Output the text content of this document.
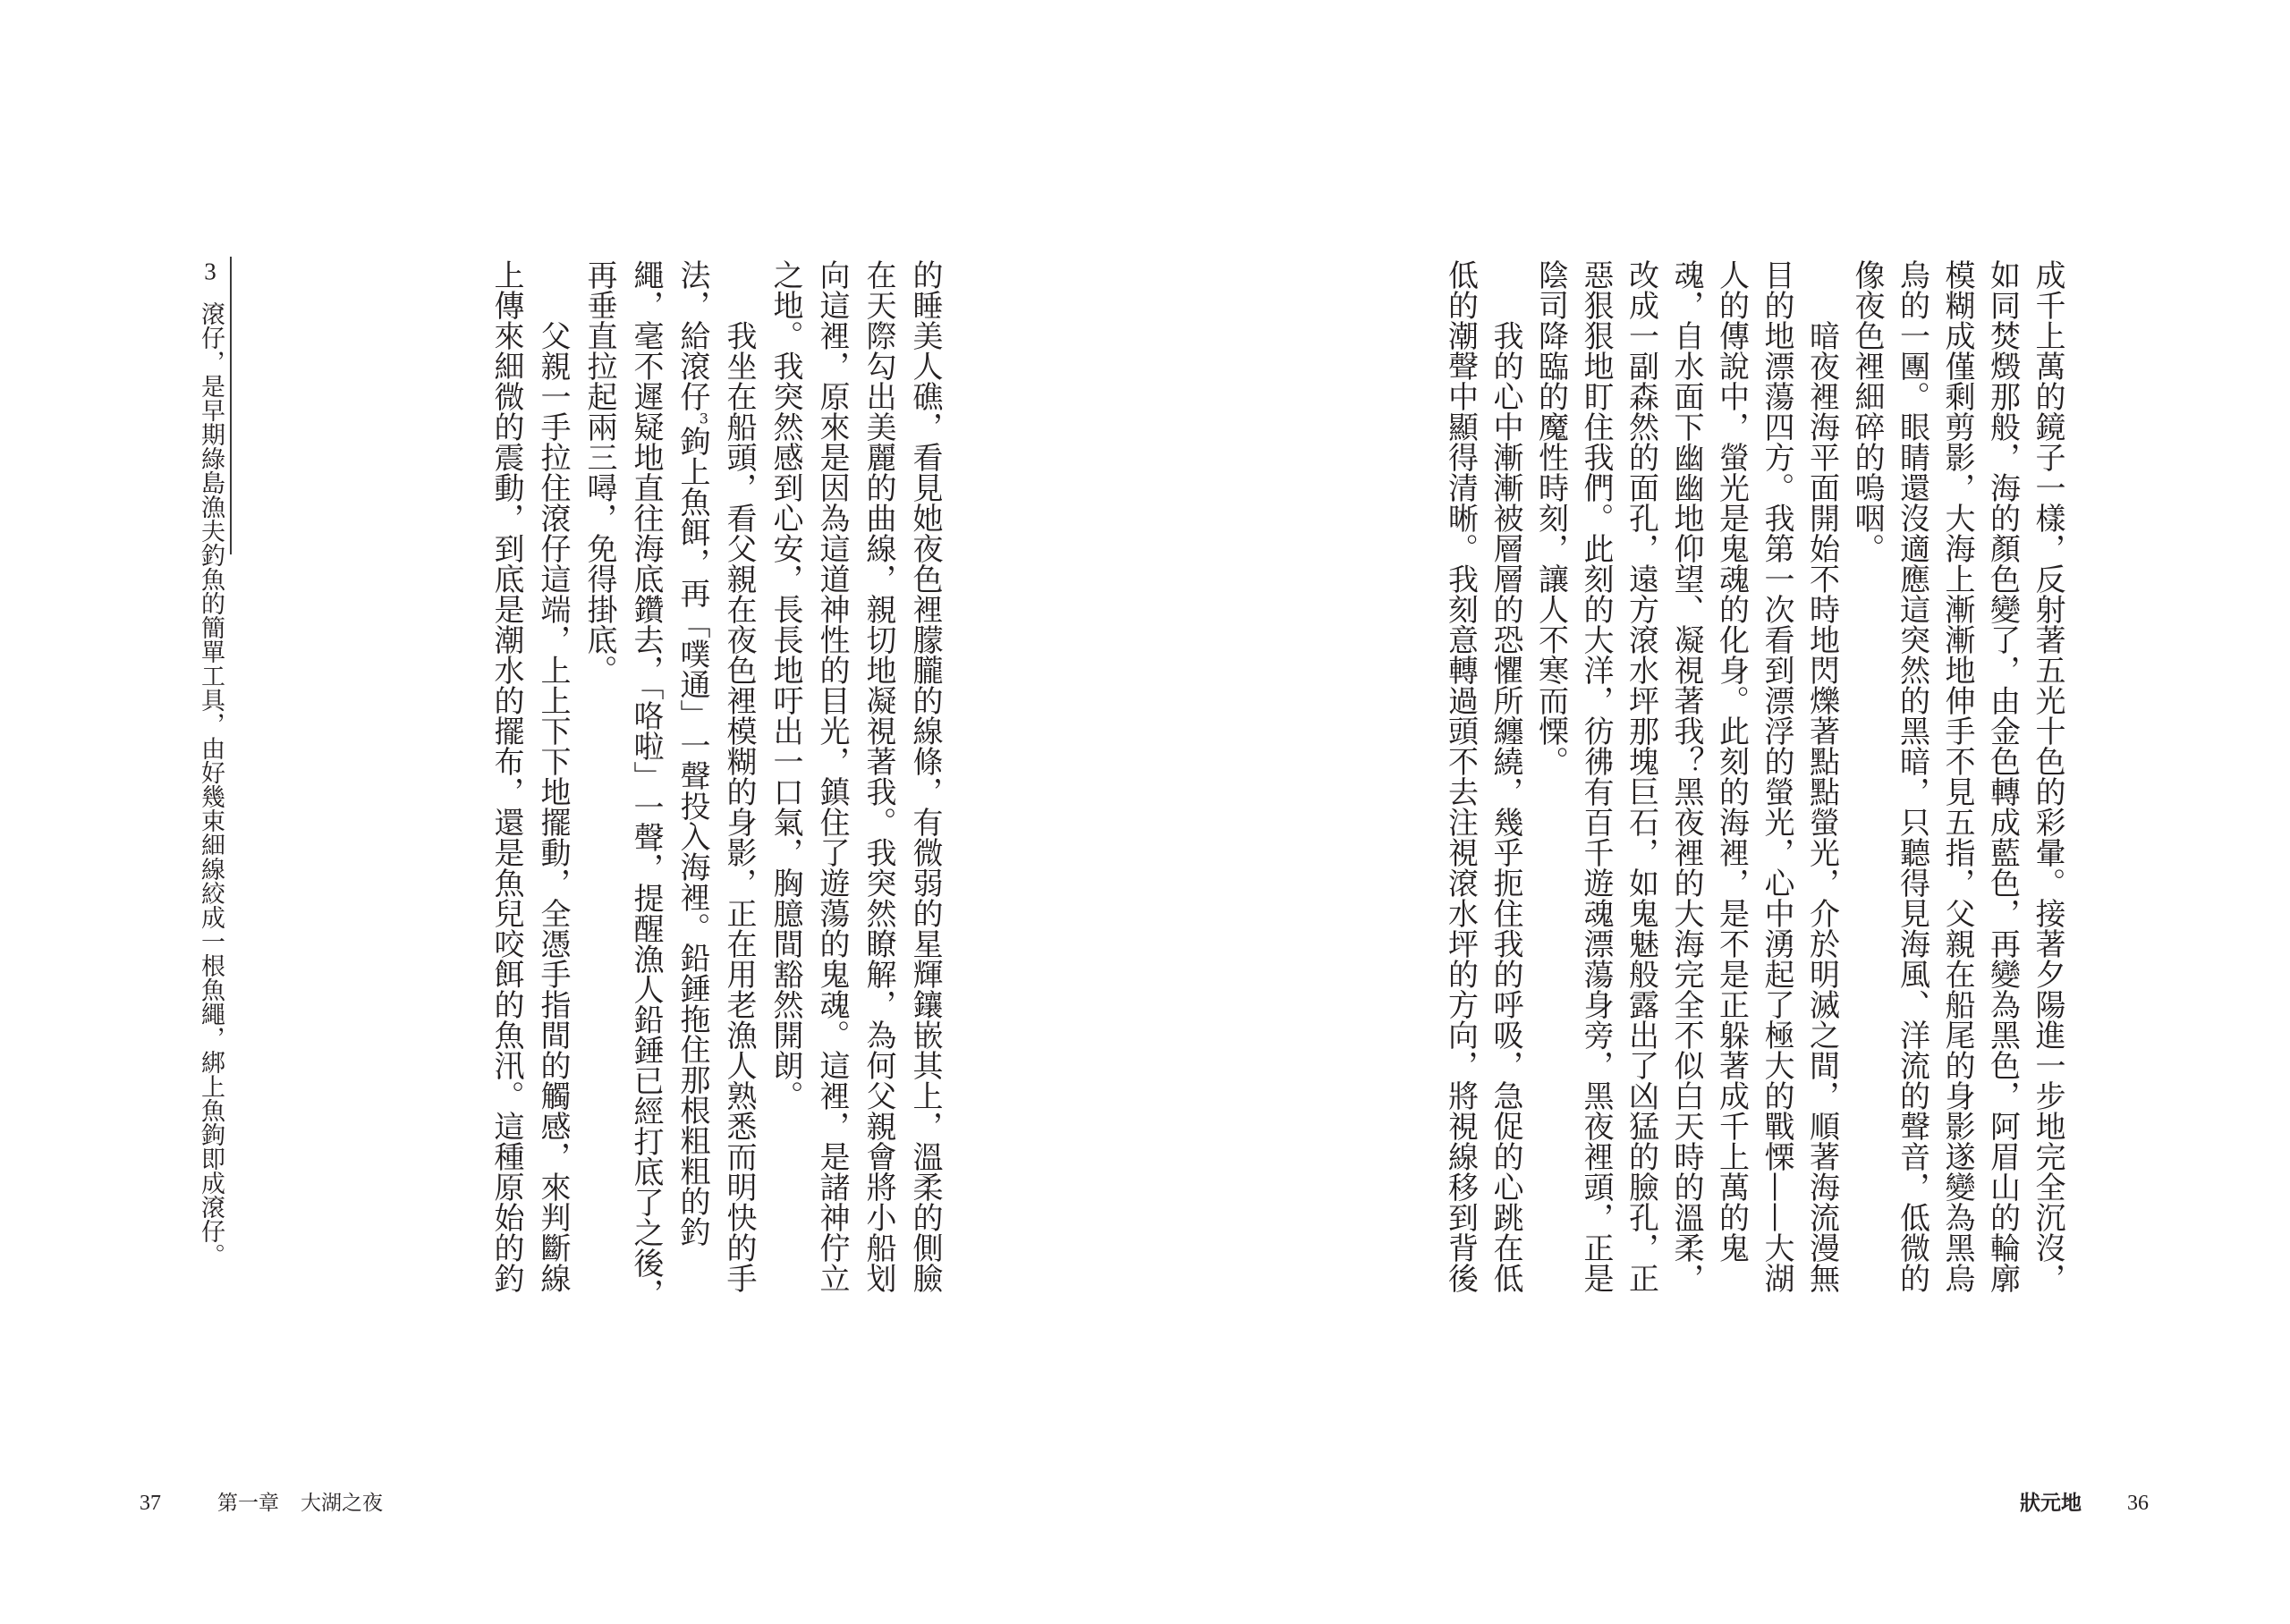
成千上萬的鏡子一樣，反射著五光十色的彩暈。接著夕陽進一步地完全沉沒，
如同焚燬那般，海的顏色變了，由金色轉成藍色，再變為黑色，阿眉山的輪廓
模糊成僅剩剪影，大海上漸漸地伸手不見五指，父親在船尾的身影遂變為黑烏
烏的一團。眼睛還沒適應這突然的黑暗，只聽得見海風、洋流的聲音，低微的
像夜色裡細碎的嗚咽。
暗夜裡海平面開始不時地閃爍著點點螢光，介於明滅之間，順著海流漫無
目的地漂蕩四方。我第一次看到漂浮的螢光，心中湧起了極大的戰慄——大湖
人的傳說中，螢光是鬼魂的化身。此刻的海裡，是不是正躲著成千上萬的鬼
魂，自水面下幽幽地仰望、凝視著我？黑夜裡的大海完全不似白天時的溫柔，
改成一副森然的面孔，遠方滾水坪那塊巨石，如鬼魅般露出了凶猛的臉孔，正
惡狠狠地盯住我們。此刻的大洋，彷彿有百千遊魂漂蕩身旁，黑夜裡頭，正是
陰司降臨的魔性時刻，讓人不寒而慄。
我的心中漸漸被層層的恐懼所纏繞，幾乎扼住我的呼吸，急促的心跳在低
低的潮聲中顯得清晰。我刻意轉過頭不去注視滾水坪的方向，將視線移到背後
的睡美人礁，看見她夜色裡朦朧的線條，有微弱的星輝鑲嵌其上，溫柔的側臉
在天際勾出美麗的曲線，親切地凝視著我。我突然瞭解，為何父親會將小船划
向這裡，原來是因為這道神性的目光，鎮住了遊蕩的鬼魂。這裡，是諸神佇立
之地。我突然感到心安，長長地吁出一口氣，胸臆間豁然開朗。
我坐在船頭，看父親在夜色裡模糊的身影，正在用老漁人熟悉而明快的手
法，給滾仔$^3$鉤上魚餌，再「噗通」一聲投入海裡。鉛錘拖住那根粗粗的釣
繩，毫不遲疑地直往海底鑽去，「咯啦」一聲，提醒漁人鉛錘已經打底了之後，
再垂直拉起兩三噚，免得掛底。
父親一手拉住滾仔這端，上上下下地擺動，全憑手指間的觸感，來判斷線
上傳來細微的震動，到底是潮水的擺布，還是魚兒咬餌的魚汛。這種原始的釣
3滾仔，是早期綠島漁夫釣魚的簡單工具，由好幾束細線絞成一根魚繩，綁上魚鉤即成滾仔。
37	第一章 大湖之夜	狀元地 36
